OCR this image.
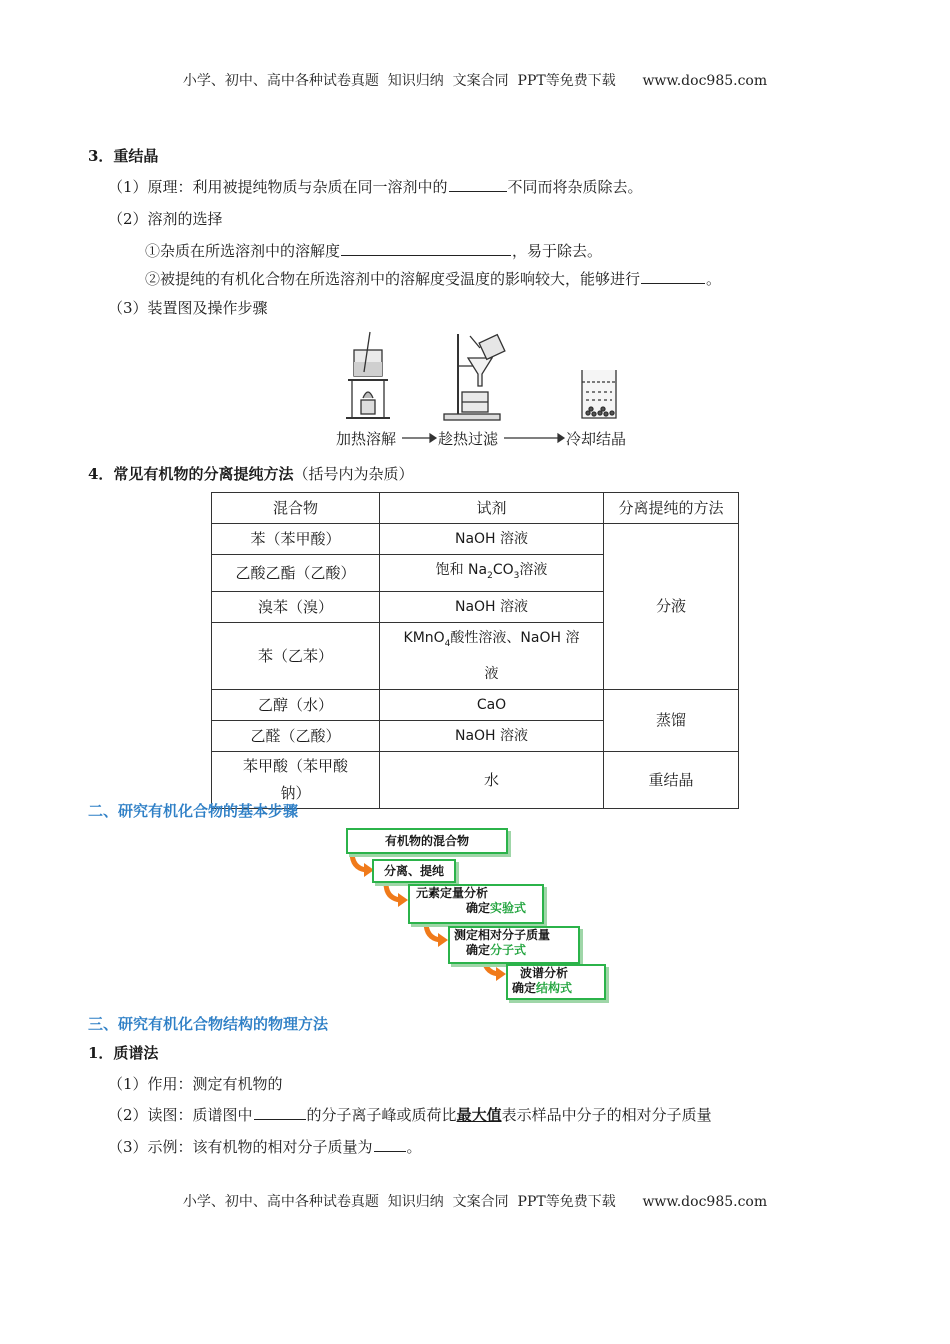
小学、初中、高中各种试卷真题  知识归纳  文案合同  PPT等免费下载      www.doc985.com
3．重结晶
（1）原理：利用被提纯物质与杂质在同一溶剂中的	不同而将杂质除去。
（2）溶剂的选择
①杂质在所选溶剂中的溶解度	，易于除去。
②被提纯的有机化合物在所选溶剂中的溶解度受温度的影响较大，能够进行	。
（3）装置图及操作步骤
加热溶解	趁热过滤	冷却结晶
4．常见有机物的分离提纯方法（括号内为杂质）
混合物	试剂	分离提纯的方法
苯（苯甲酸）	NaOH 溶液	分液
乙酸乙酯（乙酸）	饱和 $Na_2CO_3$溶液	
溴苯（溴）	NaOH 溶液	
苯（乙苯）	KMnO$_4$酸性溶液、NaOH 溶
液	
乙醇（水）	CaO	蒸馏
乙醛（乙酸）	NaOH 溶液	
苯甲酸（苯甲酸
钠）	水	重结晶
二、研究有机化合物的基本步骤
有机物的混合物
分离、提纯
元素定量分析
确定实验式
测定相对分子质量
确定分子式
波谱分析
确定结构式
三、研究有机化合物结构的物理方法
1．质谱法
（1）作用：测定有机物的
（2）读图：质谱图中	的分子离子峰或质荷比最大值表示样品中分子的相对分子质量
（3）示例：该有机物的相对分子质量为 。
小学、初中、高中各种试卷真题  知识归纳  文案合同  PPT等免费下载      www.doc985.com
